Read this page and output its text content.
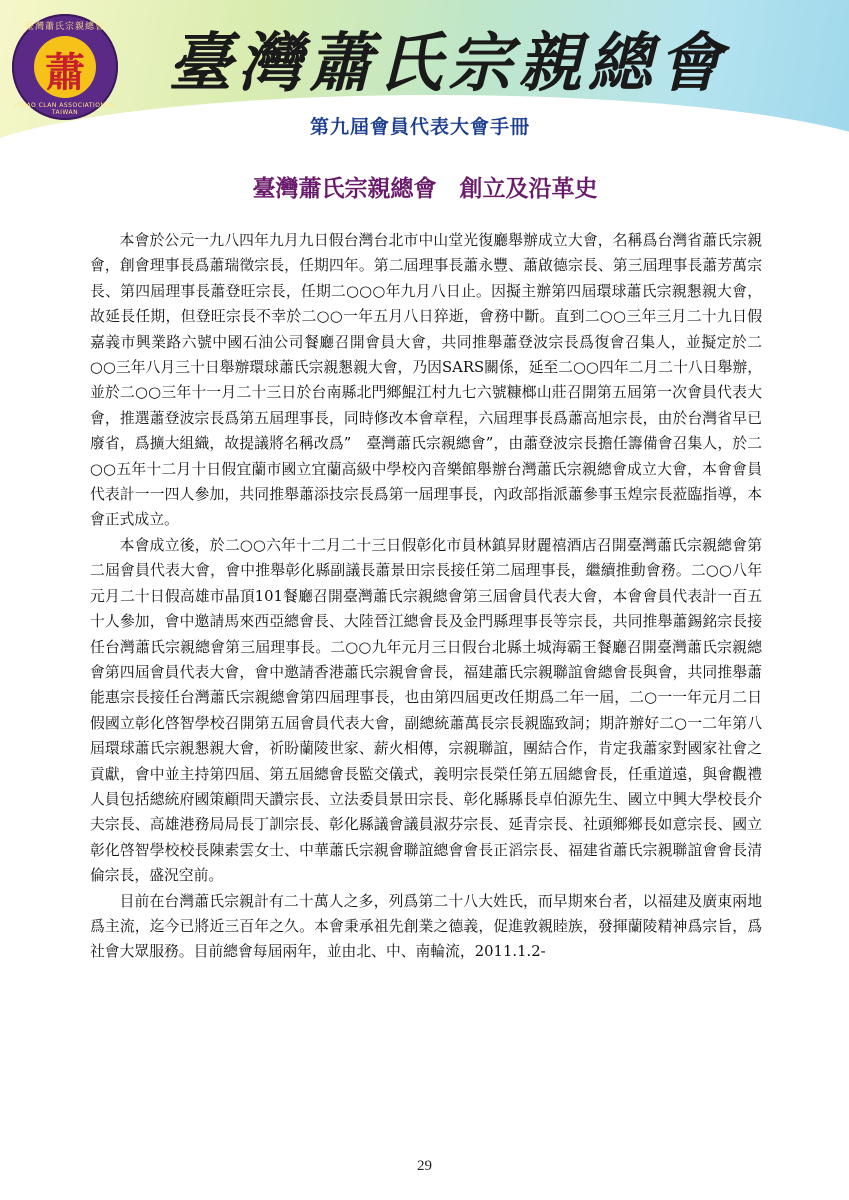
臺灣蕭氏宗親總會
蕭
HSIAO CLAN ASSOCIATION IN TAIWAN
臺灣蕭氏宗親總會
第九屆會員代表大會手冊
臺灣蕭氏宗親總會　創立及沿革史

本會於公元一九八四年九月九日假台灣台北市中山堂光復廳舉辦成立大會，名稱爲台灣省蕭氏宗親會，創會理事長爲蕭瑞徵宗長，任期四年。第二屆理事長蕭永豐、蕭啟德宗長、第三屆理事長蕭芳萬宗長、第四屆理事長蕭登旺宗長，任期二○○○年九月八日止。因擬主辦第四屆環球蕭氏宗親懇親大會，故延長任期，但登旺宗長不幸於二○○一年五月八日猝逝，會務中斷。直到二○○三年三月二十九日假嘉義市興業路六號中國石油公司餐廳召開會員大會，共同推舉蕭登波宗長爲復會召集人，並擬定於二○○三年八月三十日舉辦環球蕭氏宗親懇親大會，乃因SARS關係，延至二○○四年二月二十八日舉辦，並於二○○三年十一月二十三日於台南縣北門鄉鯤江村九七六號糠榔山莊召開第五屆第一次會員代表大會，推選蕭登波宗長爲第五屆理事長，同時修改本會章程，六屆理事長爲蕭高旭宗長，由於台灣省早已廢省，爲擴大組織，故提議將名稱改爲”　臺灣蕭氏宗親總會”，由蕭登波宗長擔任籌備會召集人，於二○○五年十二月十日假宜蘭市國立宜蘭高級中學校內音樂館舉辦台灣蕭氏宗親總會成立大會，本會會員代表計一一四人參加，共同推舉蕭添技宗長爲第一屆理事長，內政部指派蕭參事玉煌宗長蒞臨指導，本會正式成立。

本會成立後，於二○○六年十二月二十三日假彰化市員林鎮昇財麗禧酒店召開臺灣蕭氏宗親總會第二屆會員代表大會，會中推舉彰化縣副議長蕭景田宗長接任第二屆理事長，繼續推動會務。二○○八年元月二十日假高雄市晶頂101餐廳召開臺灣蕭氏宗親總會第三屆會員代表大會，本會會員代表計一百五十人參加，會中邀請馬來西亞總會長、大陸晉江總會長及金門縣理事長等宗長，共同推舉蕭錫銘宗長接任台灣蕭氏宗親總會第三屆理事長。二○○九年元月三日假台北縣土城海霸王餐廳召開臺灣蕭氏宗親總會第四屆會員代表大會，會中邀請香港蕭氏宗親會會長，福建蕭氏宗親聯誼會總會長與會，共同推舉蕭能惠宗長接任台灣蕭氏宗親總會第四屆理事長，也由第四屆更改任期爲二年一屆，二○一一年元月二日假國立彰化啓智學校召開第五屆會員代表大會，副總統蕭萬長宗長親臨致詞；期許辦好二○一二年第八屆環球蕭氏宗親懇親大會，祈盼蘭陵世家、薪火相傳，宗親聯誼，團結合作，肯定我蕭家對國家社會之貢獻，會中並主持第四屆、第五屆總會長監交儀式，義明宗長榮任第五屆總會長，任重道遠，與會觀禮人員包括總統府國策顧問天讚宗長、立法委員景田宗長、彰化縣縣長卓伯源先生、國立中興大學校長介夫宗長、高雄港務局局長丁訓宗長、彰化縣議會議員淑芬宗長、延青宗長、社頭鄉鄉長如意宗長、國立彰化啓智學校校長陳素雲女士、中華蕭氏宗親會聯誼總會會長正滔宗長、福建省蕭氏宗親聯誼會會長清倫宗長，盛況空前。

目前在台灣蕭氏宗親計有二十萬人之多，列爲第二十八大姓氏，而早期來台者，以福建及廣東兩地爲主流，迄今已將近三百年之久。本會秉承祖先創業之德義，促進敦親睦族，發揮蘭陵精神爲宗旨，爲社會大眾服務。目前總會每屆兩年，並由北、中、南輪流，2011.1.2-

29
